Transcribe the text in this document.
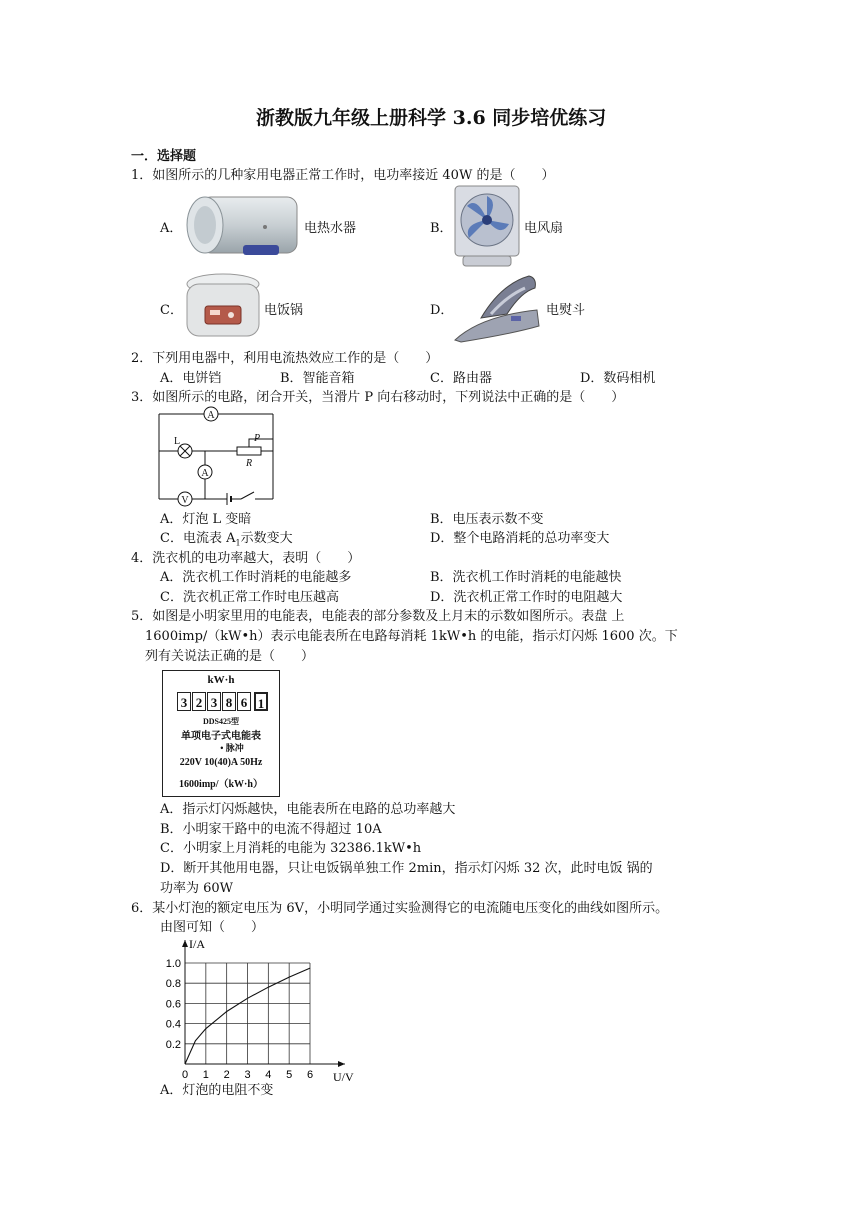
浙教版九年级上册科学 3.6 同步培优练习
一．选择题
1．如图所示的几种家用电器正常工作时，电功率接近 40W 的是（　　）
A．	电热水器	B．	电风扇
C．	电饭锅	D．	电熨斗
2．下列用电器中，利用电流热效应工作的是（　　）
A．电饼铛	B．智能音箱	C．路由器	D．数码相机
3．如图所示的电路，闭合开关，当滑片 P 向右移动时，下列说法中正确的是（　　）
A
A
V
L	P
R
A．灯泡 L 变暗	B．电压表示数不变
C．电流表 $A_1$示数变大	D．整个电路消耗的总功率变大
4．洗衣机的电功率越大，表明（　　）
A．洗衣机工作时消耗的电能越多	B．洗衣机工作时消耗的电能越快
C．洗衣机正常工作时电压越高	D．洗衣机正常工作时的电阻越大
5．如图是小明家里用的电能表，电能表的部分参数及上月末的示数如图所示。表盘 上
1600imp/（kW•h）表示电能表所在电路每消耗 1kW•h 的电能，指示灯闪烁 1600 次。下
列有关说法正确的是（　　）
kW·h
3 2 3 8 6 1
DDS425型
单项电子式电能表
• 脉冲
220V 10(40)A 50Hz
1600imp/（kW·h）
A．指示灯闪烁越快，电能表所在电路的总功率越大
B．小明家干路中的电流不得超过 10A
C．小明家上月消耗的电能为 32386.1kW•h
D．断开其他用电器，只让电饭锅单独工作 2min，指示灯闪烁 32 次，此时电饭 锅的
功率为 60W
6．某小灯泡的额定电压为 6V，小明同学通过实验测得它的电流随电压变化的曲线如图所示。
由图可知（　　）
0 1 2 3 4 5 6
0.2
0.4
0.6
0.8
1.0
U/V
I/A
A．灯泡的电阻不变
